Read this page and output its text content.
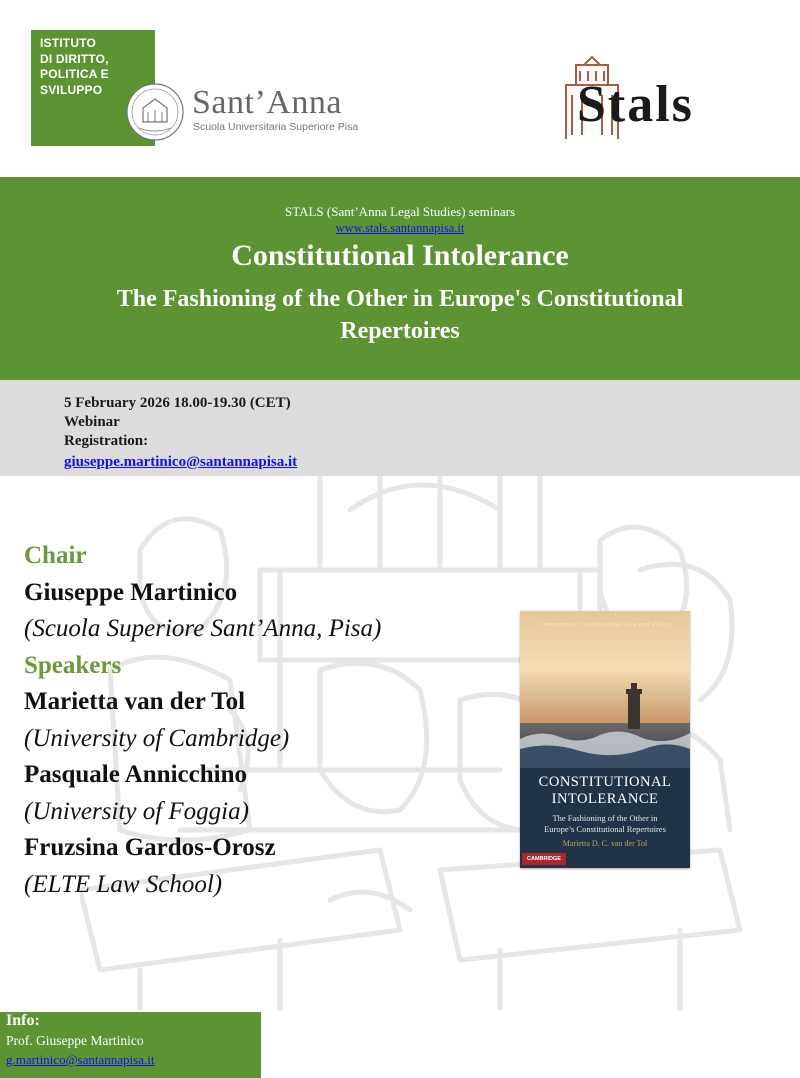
ISTITUTO
DI DIRITTO,
POLITICA E
SVILUPPO	Sant’Anna
Scuola Universitaria Superiore Pisa	Stals
STALS (Sant’Anna Legal Studies) seminars
www.stals.santannapisa.it
Constitutional Intolerance
The Fashioning of the Other in Europe's Constitutional Repertoires
5 February 2026 18.00-19.30 (CET)
Webinar
Registration:
giuseppe.martinico@santannapisa.it
Chair
Giuseppe Martinico
(Scuola Superiore Sant’Anna, Pisa)
Speakers
Marietta van der Tol
(University of Cambridge)
Pasquale Annicchino
(University of Foggia)
Fruzsina Gardos-Orosz
(ELTE Law School)
Comparative Constitutional Law and Policy
CONSTITUTIONAL
INTOLERANCE
The Fashioning of the Other in
Europe’s Constitutional Repertoires
Marietta D. C. van der Tol
CAMBRIDGE
Info:
Prof. Giuseppe Martinico
g.martinico@santannapisa.it
